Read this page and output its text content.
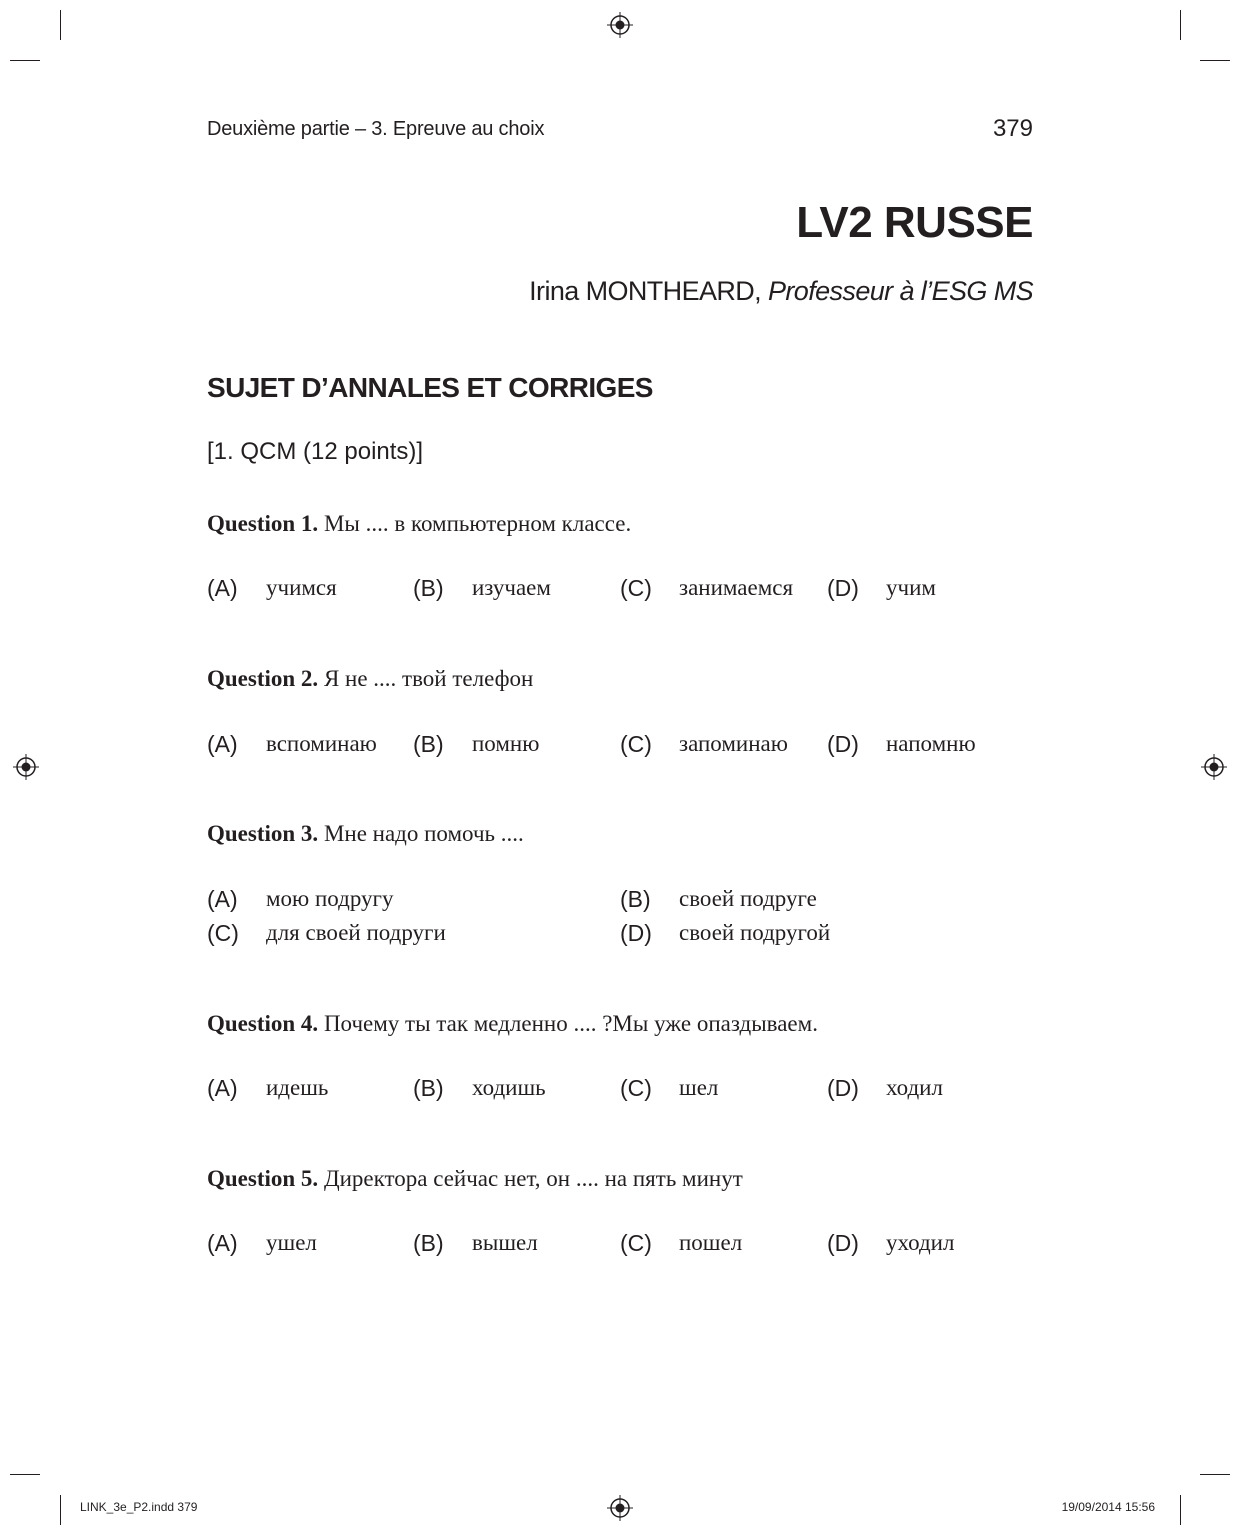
Deuxième partie – 3. Epreuve au choix	379
LV2 RUSSE
Irina MONTHEARD, Professeur à l’ESG MS
SUJET D’ANNALES ET CORRIGES
[1. QCM (12 points)]
Question 1. Мы .... в компьютерном классе.
(A) учимся	(B) изучаем	(C) занимаемся (D) учим
Question 2. Я не .... твой телефон
(A) вспоминаю (B) помню	(C) запоминаю (D) напомню
Question 3. Мне надо помочь ....
(A) мою подругу	(B) своей подруге
(C) для своей подруги	(D) своей подругой
Question 4. Почему ты так медленно .... ?Мы уже опаздываем.
(A) идешь	(B) ходишь	(C) шел	(D) ходил
Question 5. Директора сейчас нет, он .... на пять минут
(A) ушел	(B) вышел	(C) пошел	(D) уходил
LINK_3e_P2.indd 379	19/09/2014 15:56
